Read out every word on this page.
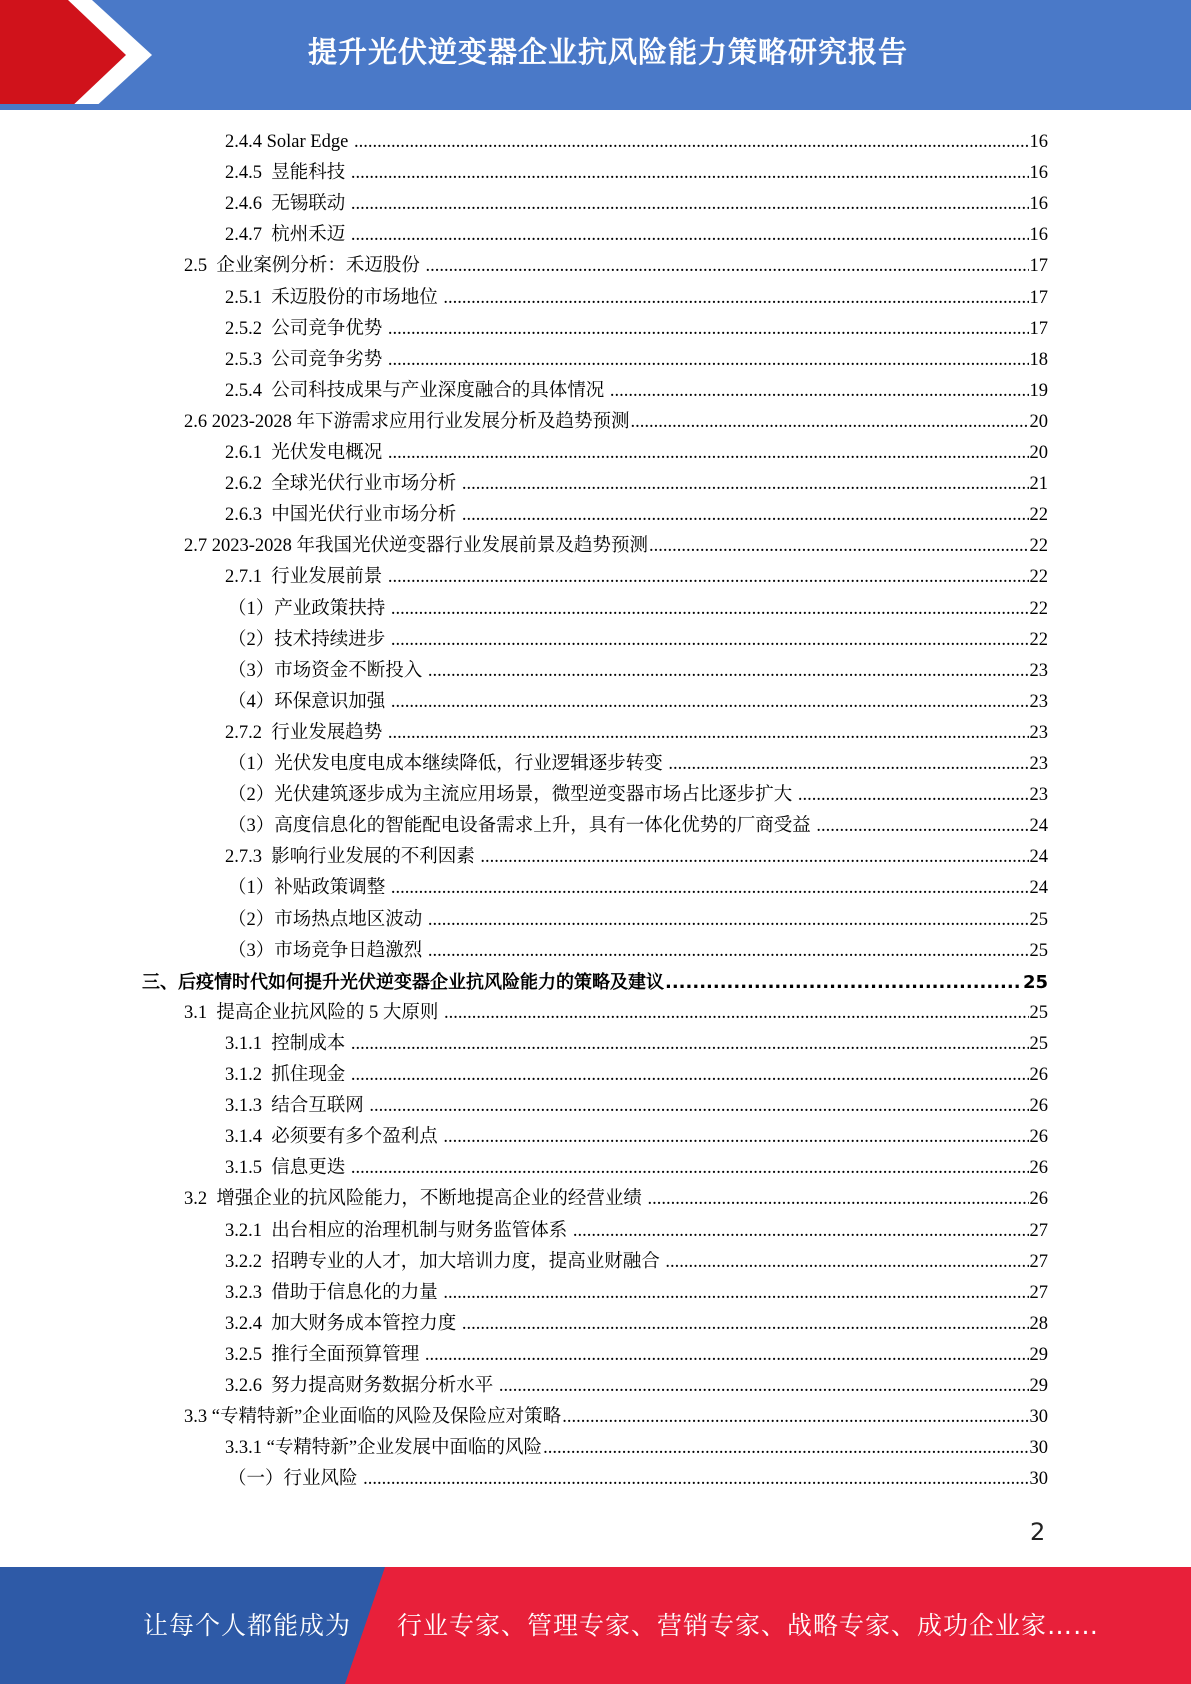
提升光伏逆变器企业抗风险能力策略研究报告
2.4.4 Solar Edge .....	16
2.4.5  昱能科技 .....	16
2.4.6  无锡联动 .....	16
2.4.7  杭州禾迈 .....	16
2.5  企业案例分析：禾迈股份 .....	17
2.5.1  禾迈股份的市场地位 .....	17
2.5.2  公司竞争优势 .....	17
2.5.3  公司竞争劣势 .....	18
2.5.4  公司科技成果与产业深度融合的具体情况 .....	19
2.6 2023-2028 年下游需求应用行业发展分析及趋势预测 .....	20
2.6.1  光伏发电概况 .....	20
2.6.2  全球光伏行业市场分析 .....	21
2.6.3  中国光伏行业市场分析 .....	22
2.7 2023-2028 年我国光伏逆变器行业发展前景及趋势预测 .....	22
2.7.1  行业发展前景 .....	22
（1）产业政策扶持 .....	22
（2）技术持续进步 .....	22
（3）市场资金不断投入 .....	23
（4）环保意识加强 .....	23
2.7.2  行业发展趋势 .....	23
（1）光伏发电度电成本继续降低，行业逻辑逐步转变 .....	23
（2）光伏建筑逐步成为主流应用场景，微型逆变器市场占比逐步扩大 .....	23
（3）高度信息化的智能配电设备需求上升，具有一体化优势的厂商受益 .....	24
2.7.3  影响行业发展的不利因素 .....	24
（1）补贴政策调整 .....	24
（2）市场热点地区波动 .....	25
（3）市场竞争日趋激烈 .....	25
三、后疫情时代如何提升光伏逆变器企业抗风险能力的策略及建议 .....	25
3.1  提高企业抗风险的 5 大原则 .....	25
3.1.1  控制成本 .....	25
3.1.2  抓住现金 .....	26
3.1.3  结合互联网 .....	26
3.1.4  必须要有多个盈利点 .....	26
3.1.5  信息更迭 .....	26
3.2  增强企业的抗风险能力，不断地提高企业的经营业绩 .....	26
3.2.1  出台相应的治理机制与财务监管体系 .....	27
3.2.2  招聘专业的人才，加大培训力度，提高业财融合 .....	27
3.2.3  借助于信息化的力量 .....	27
3.2.4  加大财务成本管控力度 .....	28
3.2.5  推行全面预算管理 .....	29
3.2.6  努力提高财务数据分析水平 .....	29
3.3 “专精特新”企业面临的风险及保险应对策略 .....	30
3.3.1 “专精特新”企业发展中面临的风险 .....	30
（一）行业风险 .....	30
2
让每个人都能成为 行业专家、管理专家、营销专家、战略专家、成功企业家……
